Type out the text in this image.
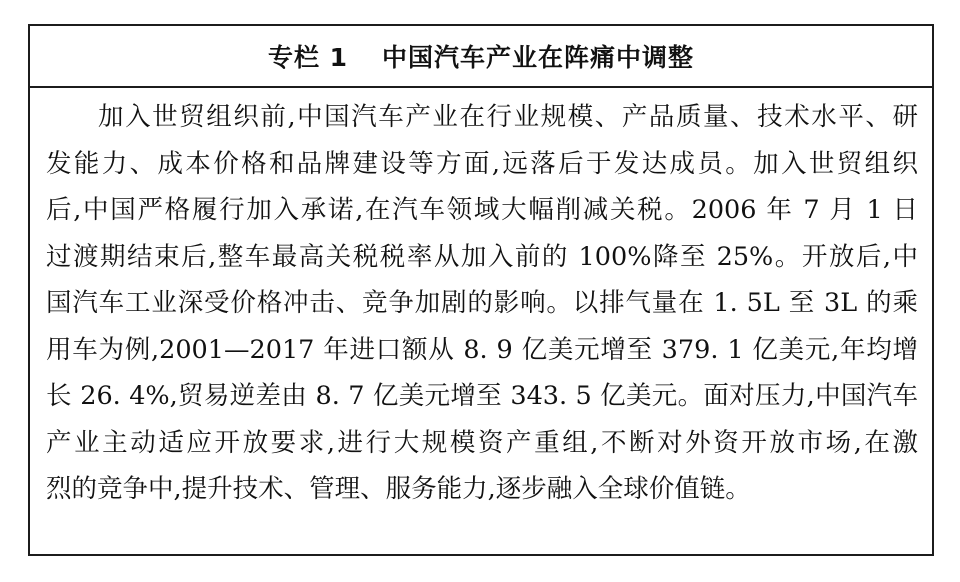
专栏 1 中国汽车产业在阵痛中调整
加入世贸组织前,中国汽车产业在行业规模、产品质量、技术水平、研
发能力、成本价格和品牌建设等方面,远落后于发达成员。加入世贸组织
后,中国严格履行加入承诺,在汽车领域大幅削减关税。2006 年 7 月 1 日
过渡期结束后,整车最高关税税率从加入前的 100%降至 25%。开放后,中
国汽车工业深受价格冲击、竞争加剧的影响。以排气量在 1. 5L 至 3L 的乘
用车为例,2001—2017 年进口额从 8. 9 亿美元增至 379. 1 亿美元,年均增
长 26. 4%,贸易逆差由 8. 7 亿美元增至 343. 5 亿美元。面对压力,中国汽车
产业主动适应开放要求,进行大规模资产重组,不断对外资开放市场,在激
烈的竞争中,提升技术、管理、服务能力,逐步融入全球价值链。
